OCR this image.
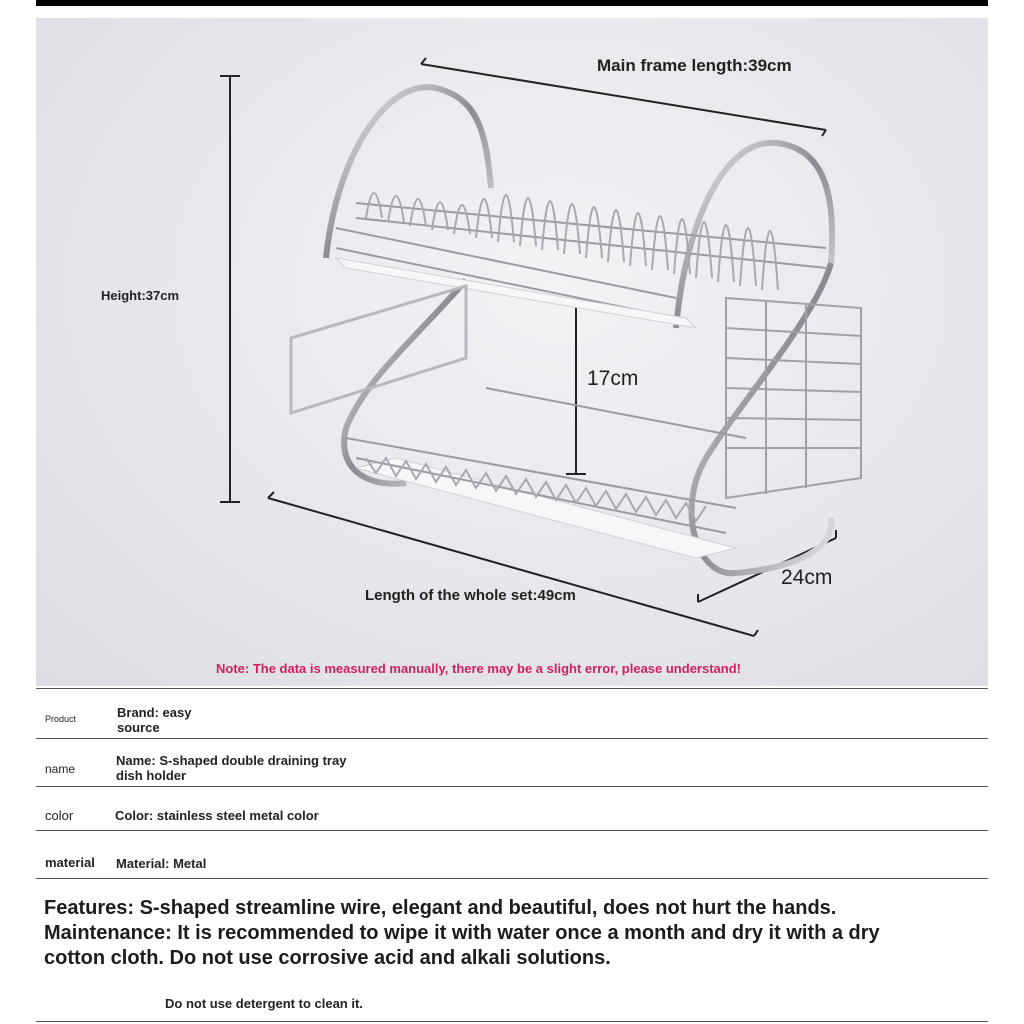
Main frame length:39cm
Height:37cm
17cm
24cm
Length of the whole set:49cm
Note: The data is measured manually, there may be a slight error, please understand!
Product	Brand: easy
source
name
Name: S-shaped double draining tray
dish holder
color	Color: stainless steel metal color
material Material: Metal
Features: S-shaped streamline wire, elegant and beautiful, does not hurt the hands.
Maintenance: It is recommended to wipe it with water once a month and dry it with a dry
cotton cloth. Do not use corrosive acid and alkali solutions.
Do not use detergent to clean it.
